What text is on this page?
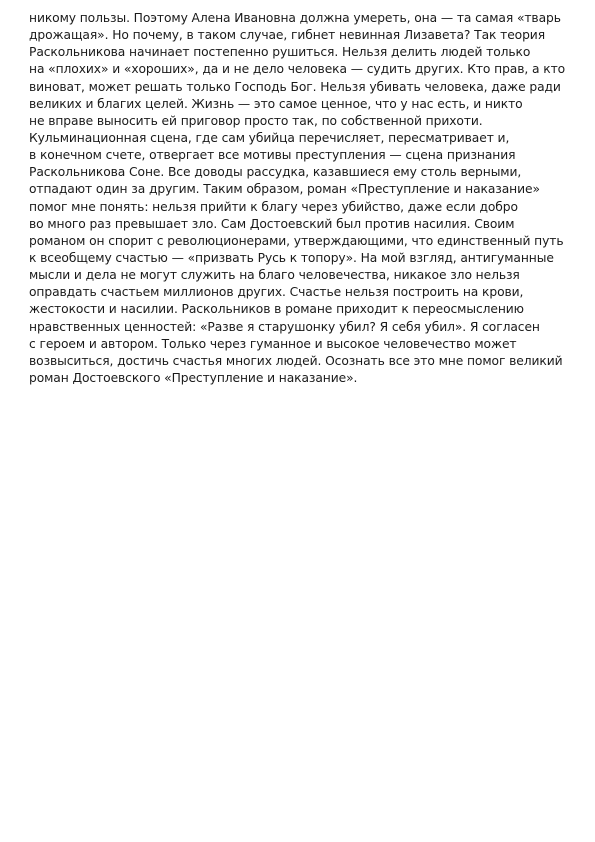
никому пользы. Поэтому Алена Ивановна должна умереть, она — та самая «тварь
дрожащая». Но почему, в таком случае, гибнет невинная Лизавета? Так теория
Раскольникова начинает постепенно рушиться. Нельзя делить людей только
на «плохих» и «хороших», да и не дело человека — судить других. Кто прав, а кто
виноват, может решать только Господь Бог. Нельзя убивать человека, даже ради
великих и благих целей. Жизнь — это самое ценное, что у нас есть, и никто
не вправе выносить ей приговор просто так, по собственной прихоти.
Кульминационная сцена, где сам убийца перечисляет, пересматривает и,
в конечном счете, отвергает все мотивы преступления — сцена признания
Раскольникова Соне. Все доводы рассудка, казавшиеся ему столь верными,
отпадают один за другим. Таким образом, роман «Преступление и наказание»
помог мне понять: нельзя прийти к благу через убийство, даже если добро
во много раз превышает зло. Сам Достоевский был против насилия. Своим
романом он спорит с революционерами, утверждающими, что единственный путь
к всеобщему счастью — «призвать Русь к топору». На мой взгляд, антигуманные
мысли и дела не могут служить на благо человечества, никакое зло нельзя
оправдать счастьем миллионов других. Счастье нельзя построить на крови,
жестокости и насилии. Раскольников в романе приходит к переосмыслению
нравственных ценностей: «Разве я старушонку убил? Я себя убил». Я согласен
с героем и автором. Только через гуманное и высокое человечество может
возвыситься, достичь счастья многих людей. Осознать все это мне помог великий
роман Достоевского «Преступление и наказание».
